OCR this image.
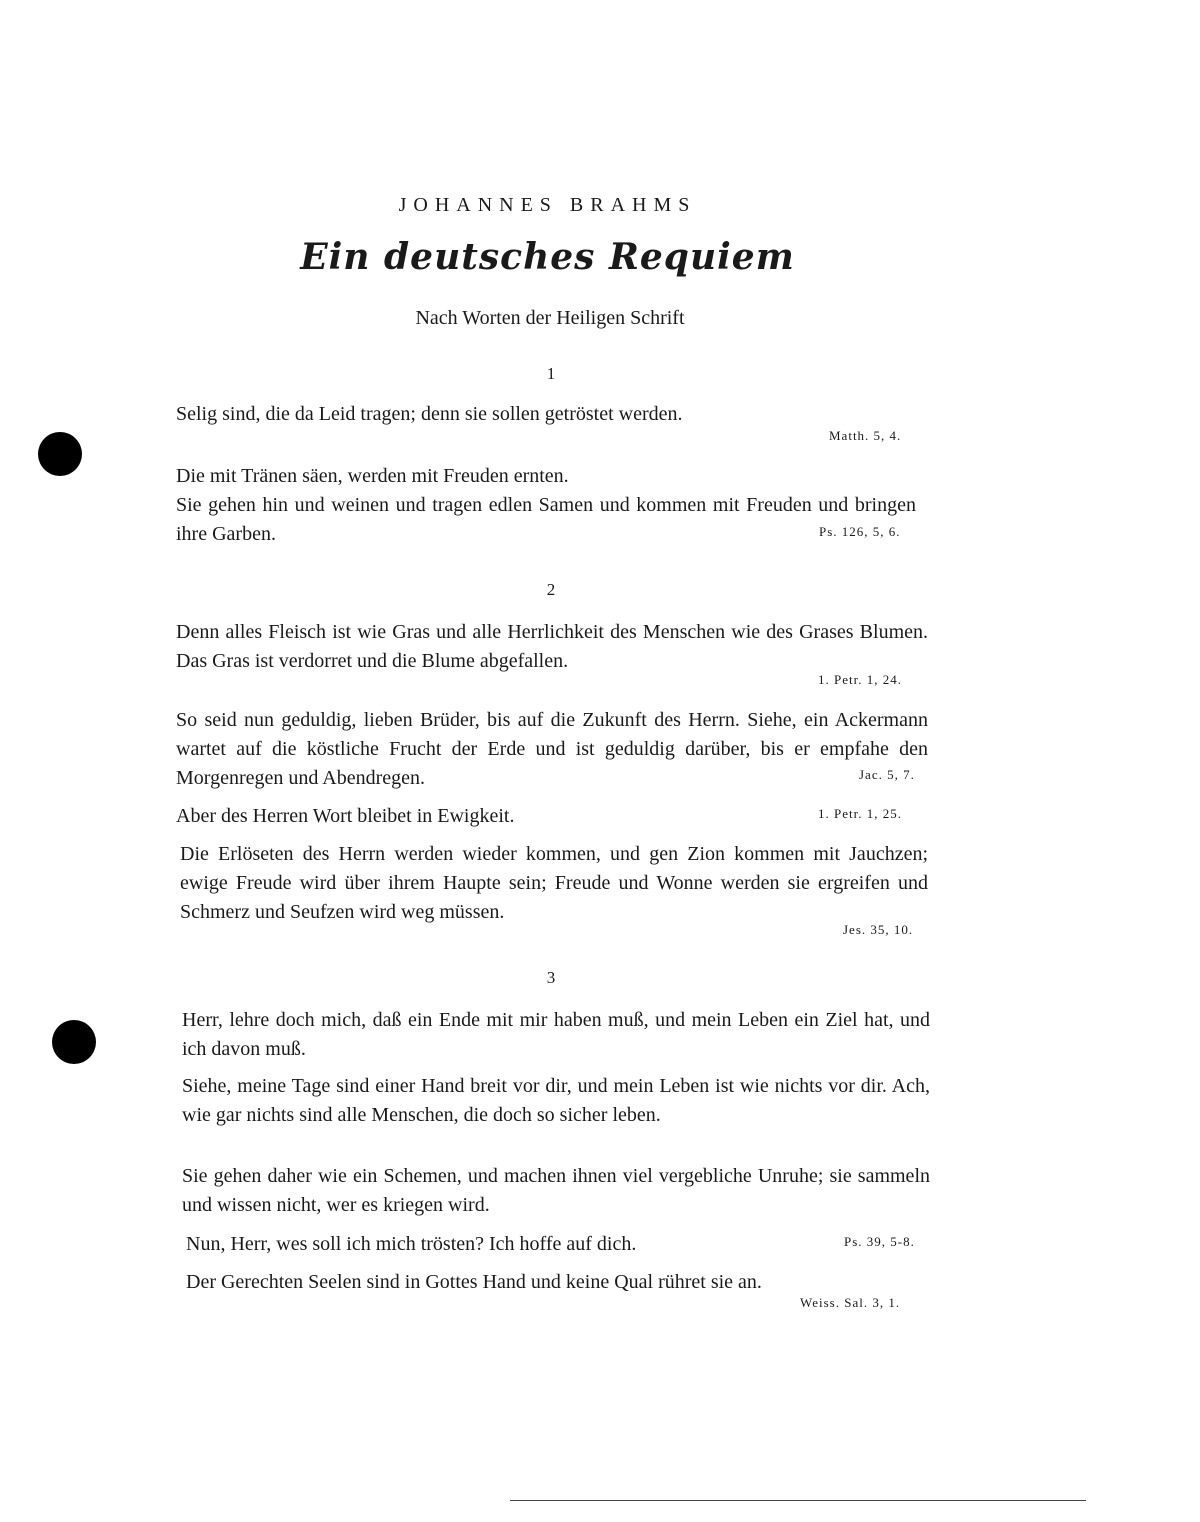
JOHANNES BRAHMS
Ein deutsches Requiem
Nach Worten der Heiligen Schrift
1
Selig sind, die da Leid tragen; denn sie sollen getröstet werden.
Matth. 5, 4.
Die mit Tränen säen, werden mit Freuden ernten.
Sie gehen hin und weinen und tragen edlen Samen und kommen mit Freuden und bringen ihre Garben.	Ps. 126, 5, 6.
2
Denn alles Fleisch ist wie Gras und alle Herrlichkeit des Menschen wie des Grases Blumen. Das Gras ist verdorret und die Blume abgefallen.
1. Petr. 1, 24.
So seid nun geduldig, lieben Brüder, bis auf die Zukunft des Herrn. Siehe, ein Ackermann wartet auf die köstliche Frucht der Erde und ist geduldig darüber, bis er empfahe den Morgenregen und Abendregen.	Jac. 5, 7.
Aber des Herren Wort bleibet in Ewigkeit.	1. Petr. 1, 25.
Die Erlöseten des Herrn werden wieder kommen, und gen Zion kommen mit Jauchzen; ewige Freude wird über ihrem Haupte sein; Freude und Wonne werden sie ergreifen und Schmerz und Seufzen wird weg müssen.
Jes. 35, 10.
3
Herr, lehre doch mich, daß ein Ende mit mir haben muß, und mein Leben ein Ziel hat, und ich davon muß.
Siehe, meine Tage sind einer Hand breit vor dir, und mein Leben ist wie nichts vor dir. Ach, wie gar nichts sind alle Menschen, die doch so sicher leben.
Sie gehen daher wie ein Schemen, und machen ihnen viel vergebliche Unruhe; sie sammeln und wissen nicht, wer es kriegen wird.
Nun, Herr, wes soll ich mich trösten? Ich hoffe auf dich.	Ps. 39, 5-8.
Der Gerechten Seelen sind in Gottes Hand und keine Qual rühret sie an.
Weiss. Sal. 3, 1.
